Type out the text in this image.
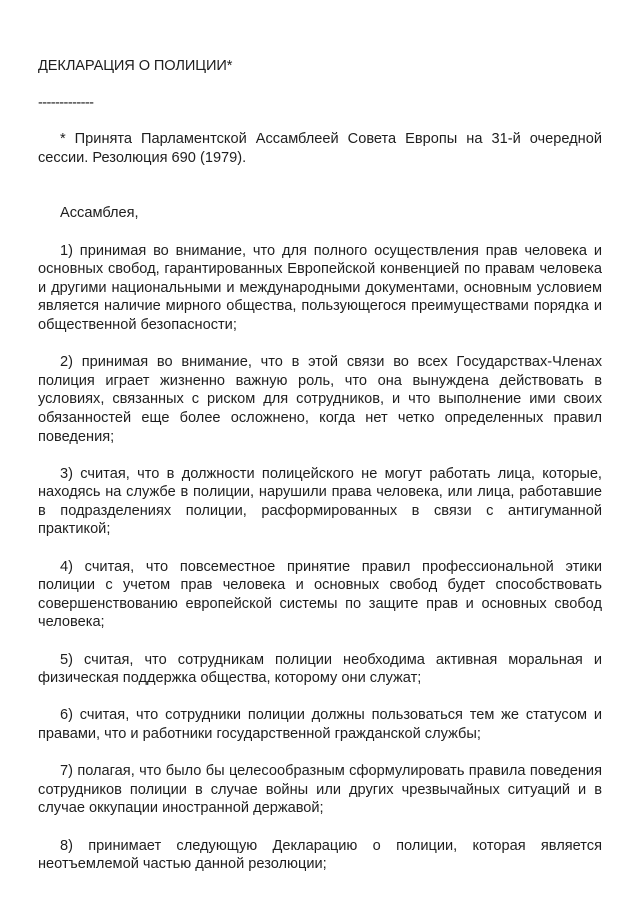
ДЕКЛАРАЦИЯ О ПОЛИЦИИ*
-------------

* Принята Парламентской Ассамблеей Совета Европы на 31-й очередной сессии. Резолюция 690 (1979).

Ассамблея,

1) принимая во внимание, что для полного осуществления прав человека и основных свобод, гарантированных Европейской конвенцией по правам человека и другими национальными и международными документами, основным условием является наличие мирного общества, пользующегося преимуществами порядка и общественной безопасности;

2) принимая во внимание, что в этой связи во всех Государствах-Членах полиция играет жизненно важную роль, что она вынуждена действовать в условиях, связанных с риском для сотрудников, и что выполнение ими своих обязанностей еще более осложнено, когда нет четко определенных правил поведения;

3) считая, что в должности полицейского не могут работать лица, которые, находясь на службе в полиции, нарушили права человека, или лица, работавшие в подразделениях полиции, расформированных в связи с антигуманной практикой;

4) считая, что повсеместное принятие правил профессиональной этики полиции с учетом прав человека и основных свобод будет способствовать совершенствованию европейской системы по защите прав и основных свобод человека;

5) считая, что сотрудникам полиции необходима активная моральная и физическая поддержка общества, которому они служат;

6) считая, что сотрудники полиции должны пользоваться тем же статусом и правами, что и работники государственной гражданской службы;

7) полагая, что было бы целесообразным сформулировать правила поведения сотрудников полиции в случае войны или других чрезвычайных ситуаций и в случае оккупации иностранной державой;

8) принимает следующую Декларацию о полиции, которая является неотъемлемой частью данной резолюции;
